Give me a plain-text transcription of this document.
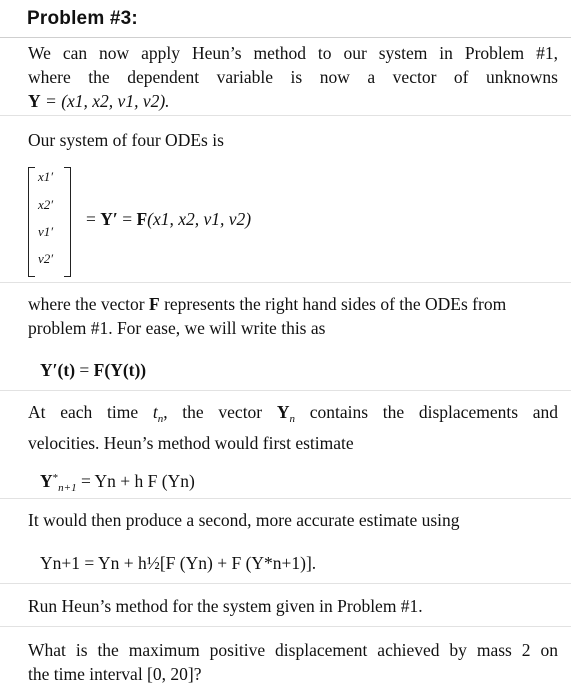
Problem #3:
We can now apply Heun’s method to our system in Problem #1,
where the dependent variable is now a vector of unknowns
Y = (x1, x2, v1, v2).
Our system of four ODEs is
x1′
x2′
v1′
v2′
= Y′ = F(x1, x2, v1, v2)
where the vector F represents the right hand sides of the ODEs from
problem #1. For ease, we will write this as
Y′(t) = F(Y(t))
At each time $t_n$, the vector $Y_n$ contains the displacements and
velocities. Heun’s method would first estimate
$Y^*_{n+1} = Yn + h$ F (Yn)
It would then produce a second, more accurate estimate using
Yn+1 = Yn + h½[F (Yn) + F (Y*n+1)].
Run Heun’s method for the system given in Problem #1.
What is the maximum positive displacement achieved by mass 2 on
the time interval [0, 20]?
